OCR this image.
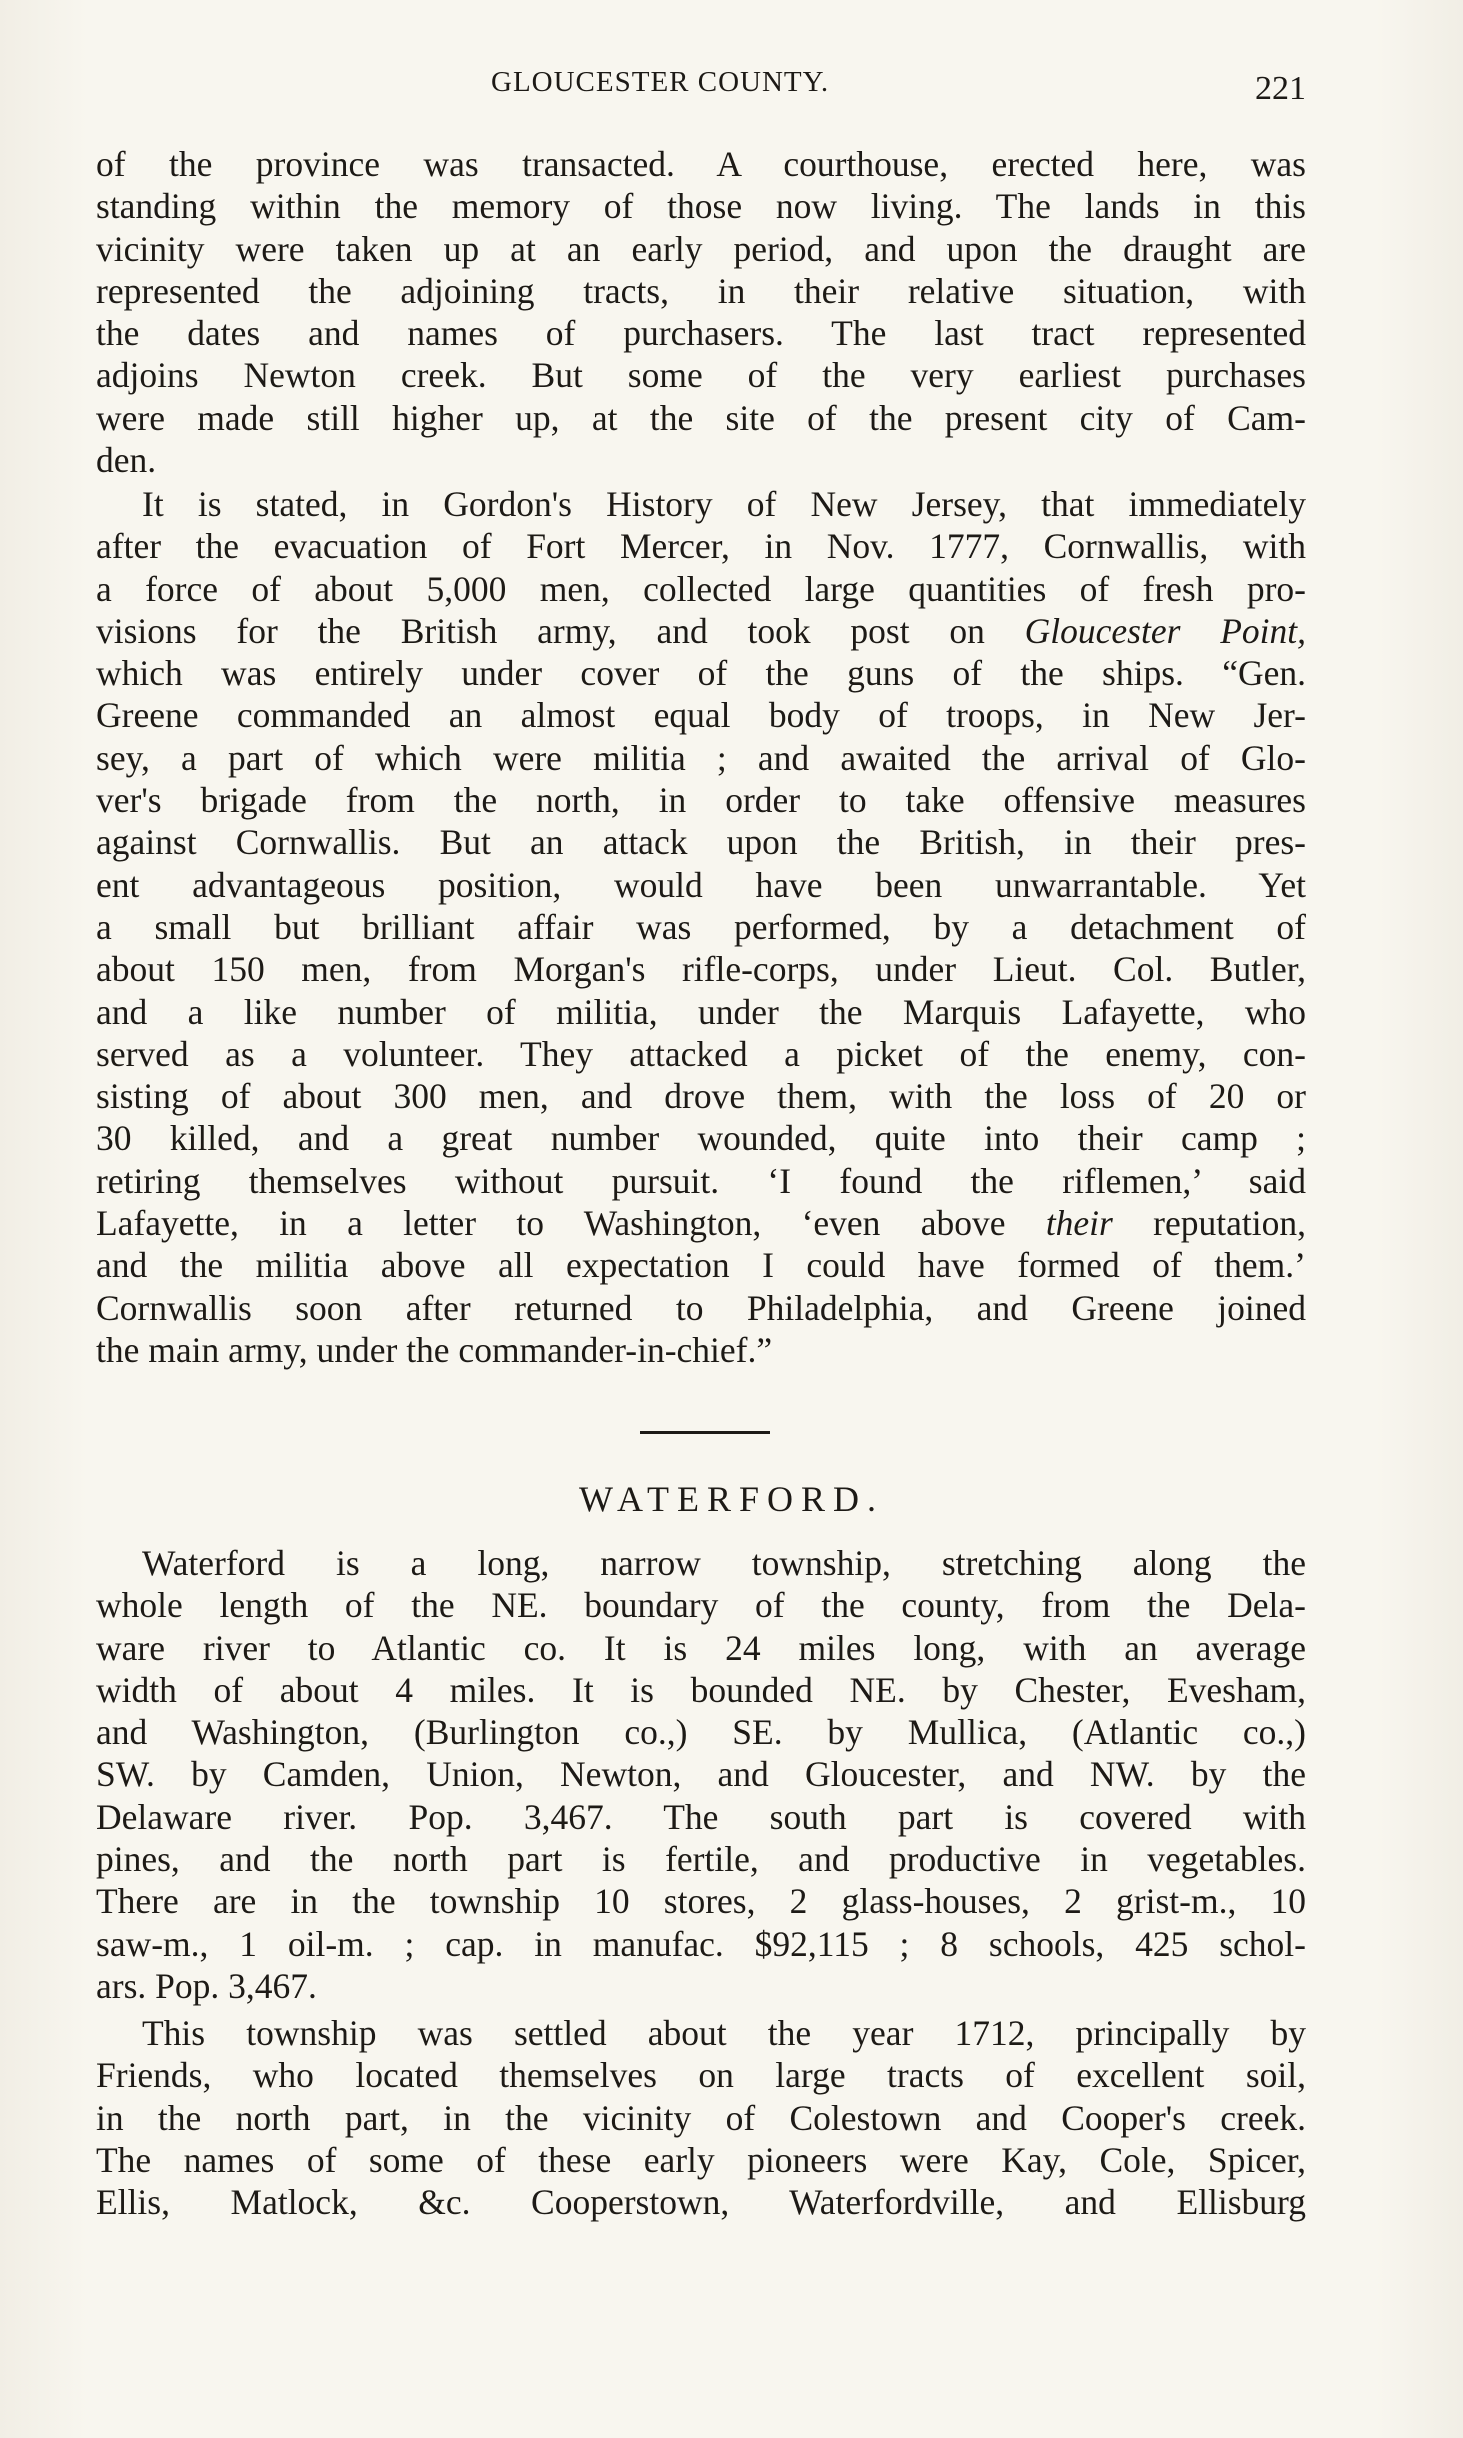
GLOUCESTER COUNTY.	221
of the province was transacted. A courthouse, erected here, was
standing within the memory of those now living. The lands in this
vicinity were taken up at an early period, and upon the draught are
represented the adjoining tracts, in their relative situation, with
the dates and names of purchasers. The last tract represented
adjoins Newton creek. But some of the very earliest purchases
were made still higher up, at the site of the present city of Cam-
den.
It is stated, in Gordon's History of New Jersey, that immediately
after the evacuation of Fort Mercer, in Nov. 1777, Cornwallis, with
a force of about 5,000 men, collected large quantities of fresh pro-
visions for the British army, and took post on Gloucester Point,
which was entirely under cover of the guns of the ships. “Gen.
Greene commanded an almost equal body of troops, in New Jer-
sey, a part of which were militia ; and awaited the arrival of Glo-
ver's brigade from the north, in order to take offensive measures
against Cornwallis. But an attack upon the British, in their pres-
ent advantageous position, would have been unwarrantable. Yet
a small but brilliant affair was performed, by a detachment of
about 150 men, from Morgan's rifle-corps, under Lieut. Col. Butler,
and a like number of militia, under the Marquis Lafayette, who
served as a volunteer. They attacked a picket of the enemy, con-
sisting of about 300 men, and drove them, with the loss of 20 or
30 killed, and a great number wounded, quite into their camp ;
retiring themselves without pursuit. ‘I found the riflemen,’ said
Lafayette, in a letter to Washington, ‘even above their reputation,
and the militia above all expectation I could have formed of them.’
Cornwallis soon after returned to Philadelphia, and Greene joined
the main army, under the commander-in-chief.”
WATERFORD.
Waterford is a long, narrow township, stretching along the
whole length of the NE. boundary of the county, from the Dela-
ware river to Atlantic co. It is 24 miles long, with an average
width of about 4 miles. It is bounded NE. by Chester, Evesham,
and Washington, (Burlington co.,) SE. by Mullica, (Atlantic co.,)
SW. by Camden, Union, Newton, and Gloucester, and NW. by the
Delaware river. Pop. 3,467. The south part is covered with
pines, and the north part is fertile, and productive in vegetables.
There are in the township 10 stores, 2 glass-houses, 2 grist-m., 10
saw-m., 1 oil-m. ; cap. in manufac. $92,115 ; 8 schools, 425 schol-
ars. Pop. 3,467.
This township was settled about the year 1712, principally by
Friends, who located themselves on large tracts of excellent soil,
in the north part, in the vicinity of Colestown and Cooper's creek.
The names of some of these early pioneers were Kay, Cole, Spicer,
Ellis, Matlock, &c. Cooperstown, Waterfordville, and Ellisburg
